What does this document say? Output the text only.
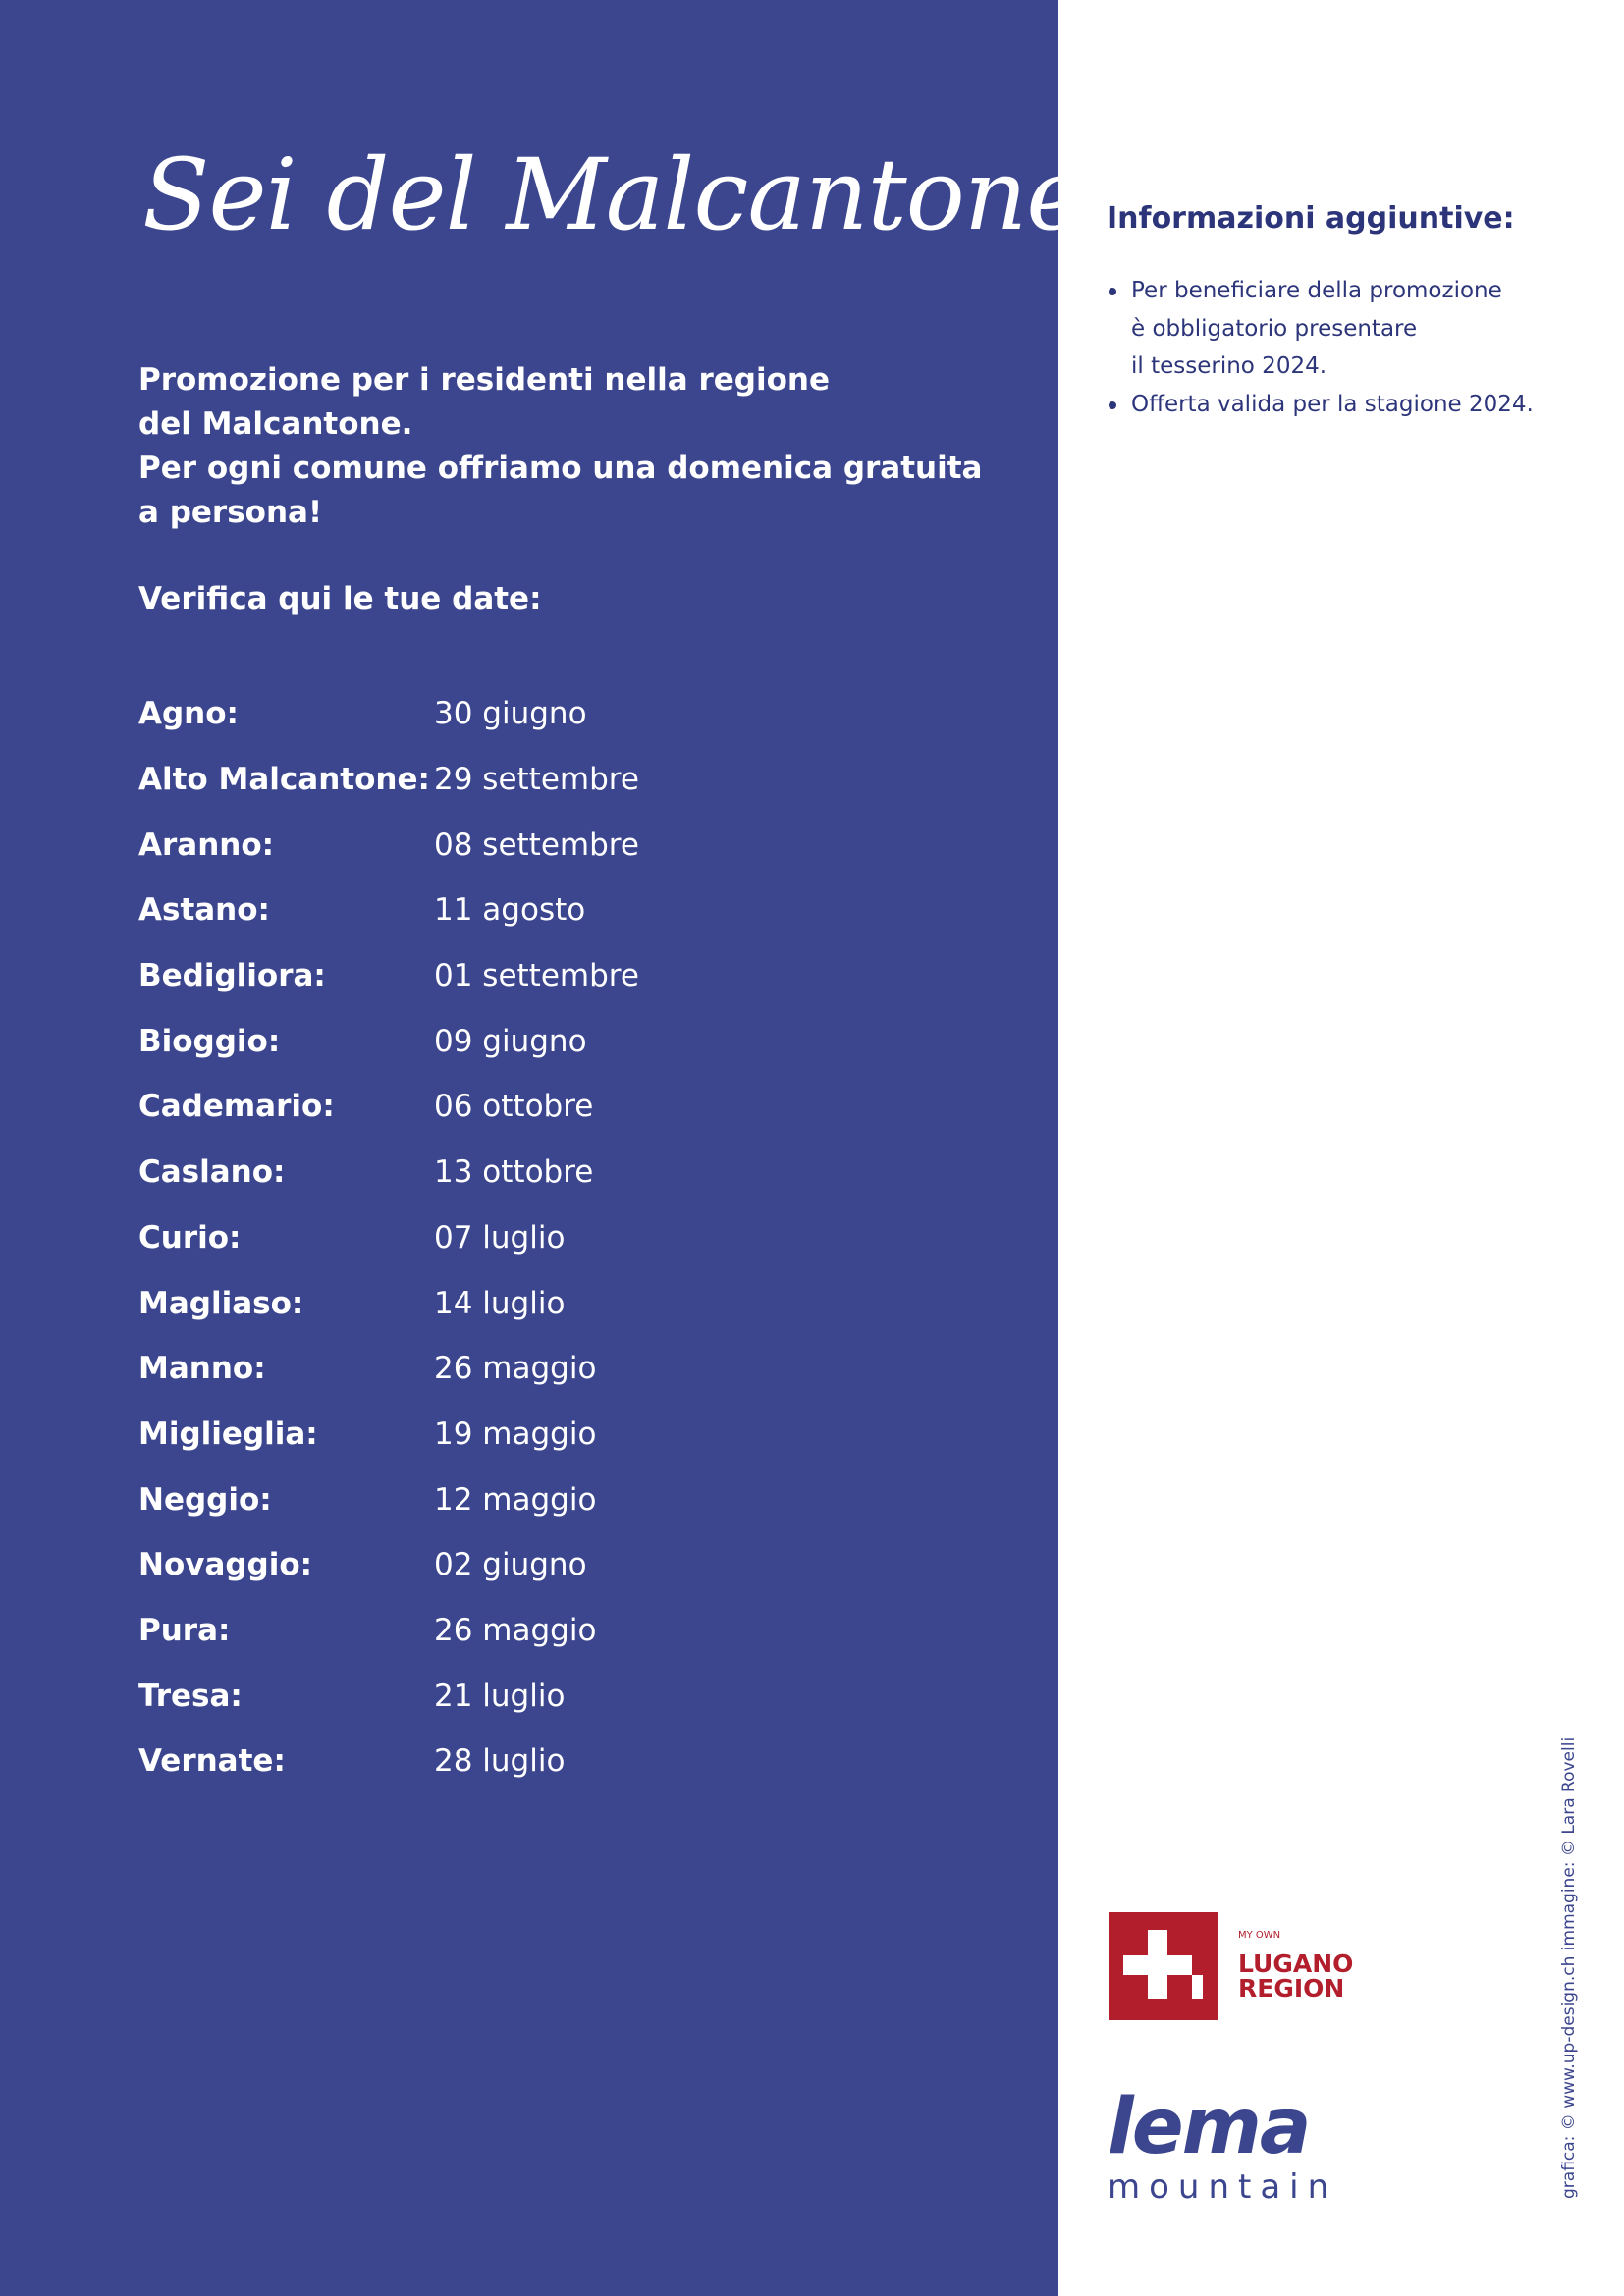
Sei del Malcantone?

Promozione per i residenti nella regione
del Malcantone.
Per ogni comune offriamo una domenica gratuita
a persona!

Verifica qui le tue date:

Agno:	30 giugno
Alto Malcantone: 29 settembre
Aranno:	08 settembre
Astano:	11 agosto
Bedigliora:	01 settembre
Bioggio:	09 giugno
Cademario:	06 ottobre
Caslano:	13 ottobre
Curio:	07 luglio
Magliaso:	14 luglio
Manno:	26 maggio
Miglieglia:	19 maggio
Neggio:	12 maggio
Novaggio:	02 giugno
Pura:	26 maggio
Tresa:	21 luglio
Vernate:	28 luglio
Informazioni aggiuntive:
Per beneficiare della promozione
è obbligatorio presentare
il tesserino 2024.
Offerta valida per la stagione 2024.

MY OWN

LUGANO
REGION

lema

mountain	grafica: © www.up-design.ch immagine: © Lara Rovelli
